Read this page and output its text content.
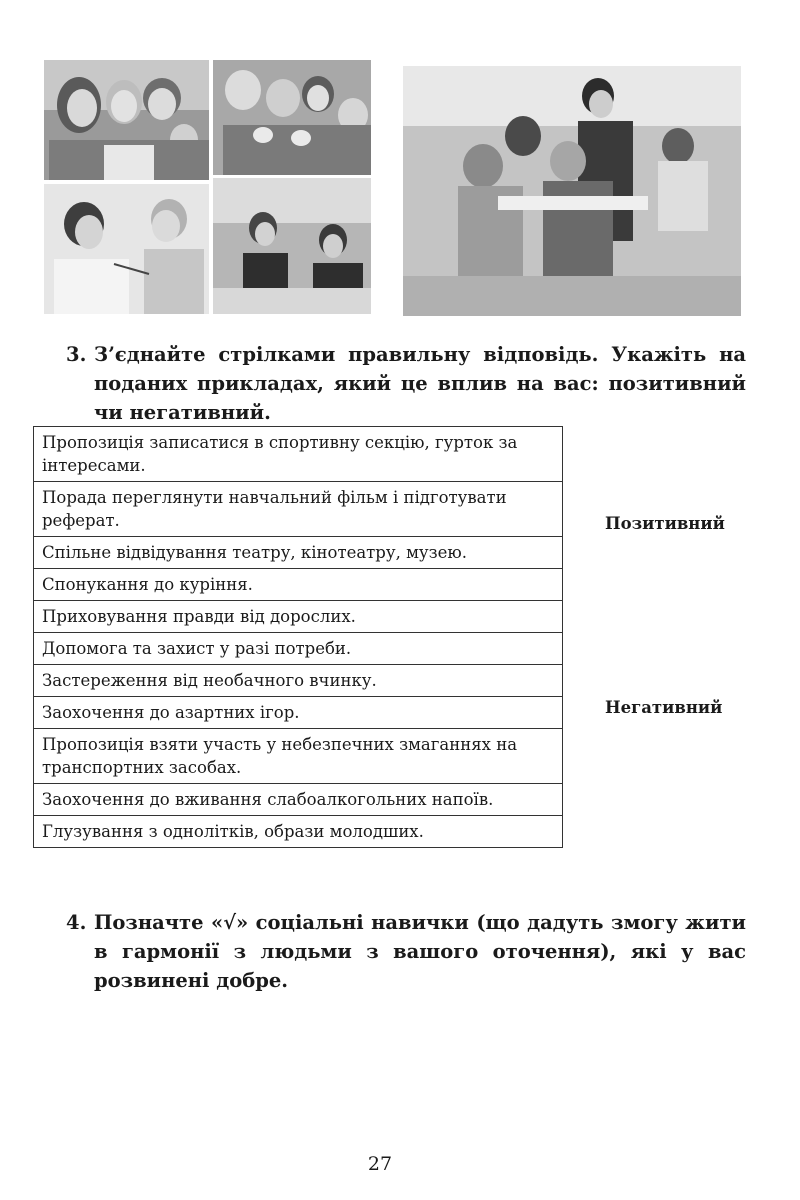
3. З’єднайте стрілками правильну відповідь. Укажіть на поданих прикладах, який це вплив на вас: позитивний чи негативний.
Пропозиція записатися в спортивну секцію, гурток за інтересами.
Порада переглянути навчальний фільм і підготувати реферат.
Спільне відвідування театру, кінотеатру, музею.
Спонукання до куріння.
Приховування правди від дорослих.
Допомога та захист у разі потреби.
Застереження від необачного вчинку.
Заохочення до азартних ігор.
Пропозиція взяти участь у небезпечних змаганнях на транспортних засобах.
Заохочення до вживання слабоалкогольних напоїв.
Глузування з однолітків, образи молодших.
Позитивний
Негативний
4. Позначте «√» соціальні навички (що дадуть змогу жити в гармонії з людьми з вашого оточення), які у вас розвинені добре.
27
